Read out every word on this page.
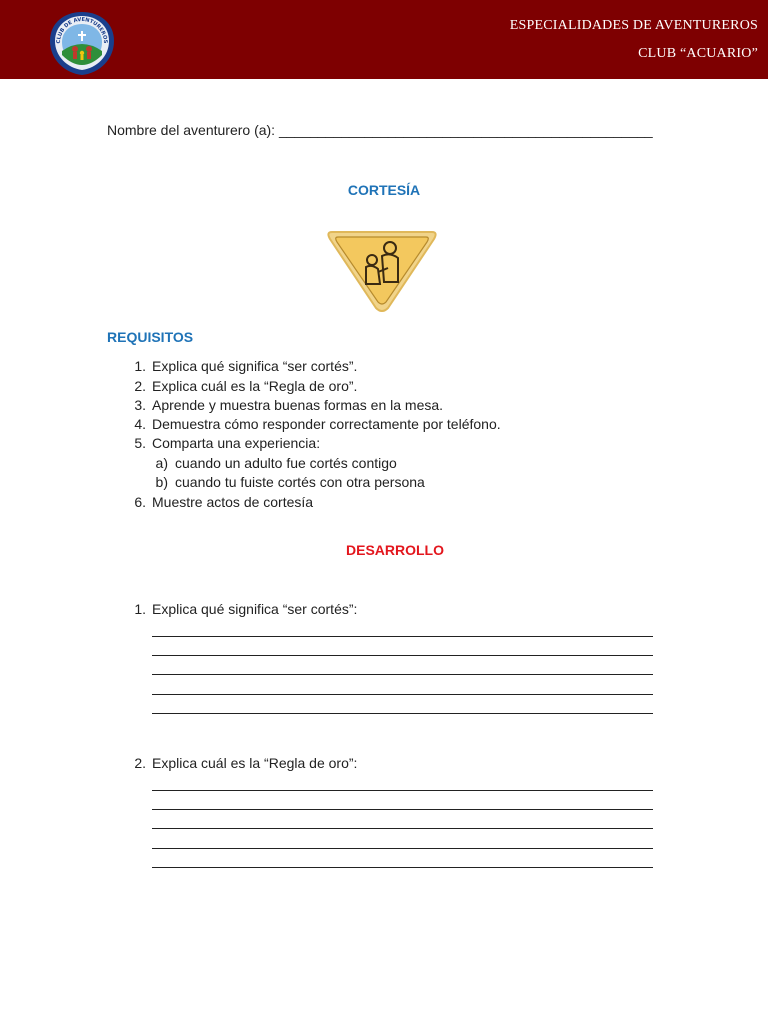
CLUB DE AVENTUREROS
ESPECIALIDADES DE AVENTUREROS
CLUB “ACUARIO”
Nombre del aventurero (a): ________________________________________________
CORTESÍA
REQUISITOS
1. Explica qué significa “ser cortés”.
2. Explica cuál es la “Regla de oro”.
3. Aprende y muestra buenas formas en la mesa.
4. Demuestra cómo responder correctamente por teléfono.
5. Comparta una experiencia:
a) cuando un adulto fue cortés contigo
b) cuando tu fuiste cortés con otra persona
6. Muestre actos de cortesía
DESARROLLO
1. Explica qué significa “ser cortés”:
2. Explica cuál es la “Regla de oro”:
